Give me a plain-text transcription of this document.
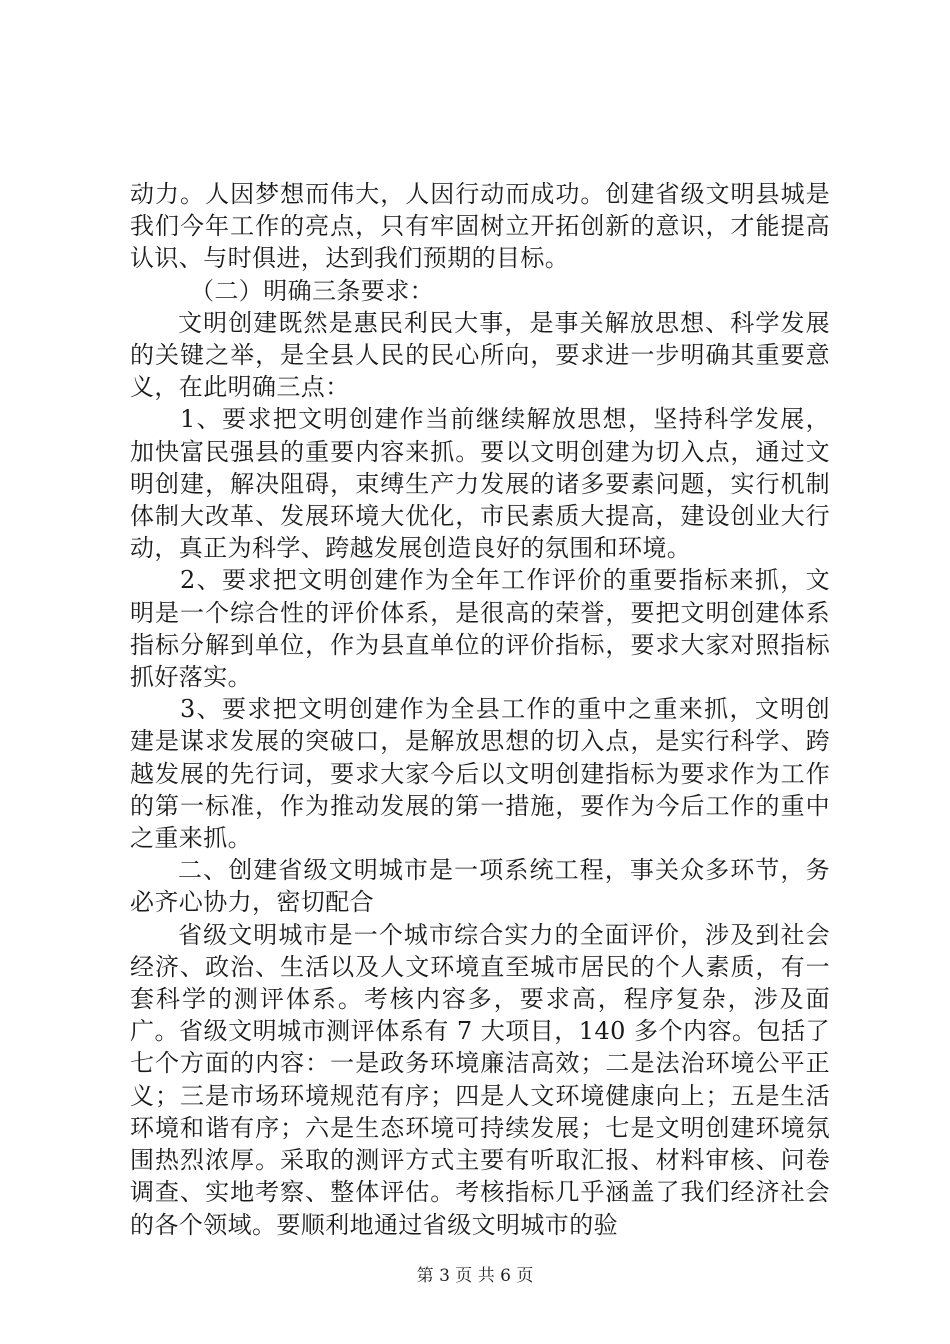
动力。人因梦想而伟大，人因行动而成功。创建省级文明县城是我们今年工作的亮点，只有牢固树立开拓创新的意识，才能提高认识、与时俱进，达到我们预期的目标。

（二）明确三条要求：

文明创建既然是惠民利民大事，是事关解放思想、科学发展的关键之举，是全县人民的民心所向，要求进一步明确其重要意义，在此明确三点：

1、要求把文明创建作当前继续解放思想，坚持科学发展，加快富民强县的重要内容来抓。要以文明创建为切入点，通过文明创建，解决阻碍，束缚生产力发展的诸多要素问题，实行机制体制大改革、发展环境大优化，市民素质大提高，建设创业大行动，真正为科学、跨越发展创造良好的氛围和环境。

2、要求把文明创建作为全年工作评价的重要指标来抓，文明是一个综合性的评价体系，是很高的荣誉，要把文明创建体系指标分解到单位，作为县直单位的评价指标，要求大家对照指标抓好落实。

3、要求把文明创建作为全县工作的重中之重来抓，文明创建是谋求发展的突破口，是解放思想的切入点，是实行科学、跨越发展的先行词，要求大家今后以文明创建指标为要求作为工作的第一标准，作为推动发展的第一措施，要作为今后工作的重中之重来抓。

二、创建省级文明城市是一项系统工程，事关众多环节，务必齐心协力，密切配合

省级文明城市是一个城市综合实力的全面评价，涉及到社会经济、政治、生活以及人文环境直至城市居民的个人素质，有一套科学的测评体系。考核内容多，要求高，程序复杂，涉及面广。省级文明城市测评体系有 7 大项目，140 多个内容。包括了七个方面的内容：一是政务环境廉洁高效；二是法治环境公平正义；三是市场环境规范有序；四是人文环境健康向上；五是生活环境和谐有序；六是生态环境可持续发展；七是文明创建环境氛围热烈浓厚。采取的测评方式主要有听取汇报、材料审核、问卷调查、实地考察、整体评估。考核指标几乎涵盖了我们经济社会的各个领域。要顺利地通过省级文明城市的验

第 3 页 共 6 页
